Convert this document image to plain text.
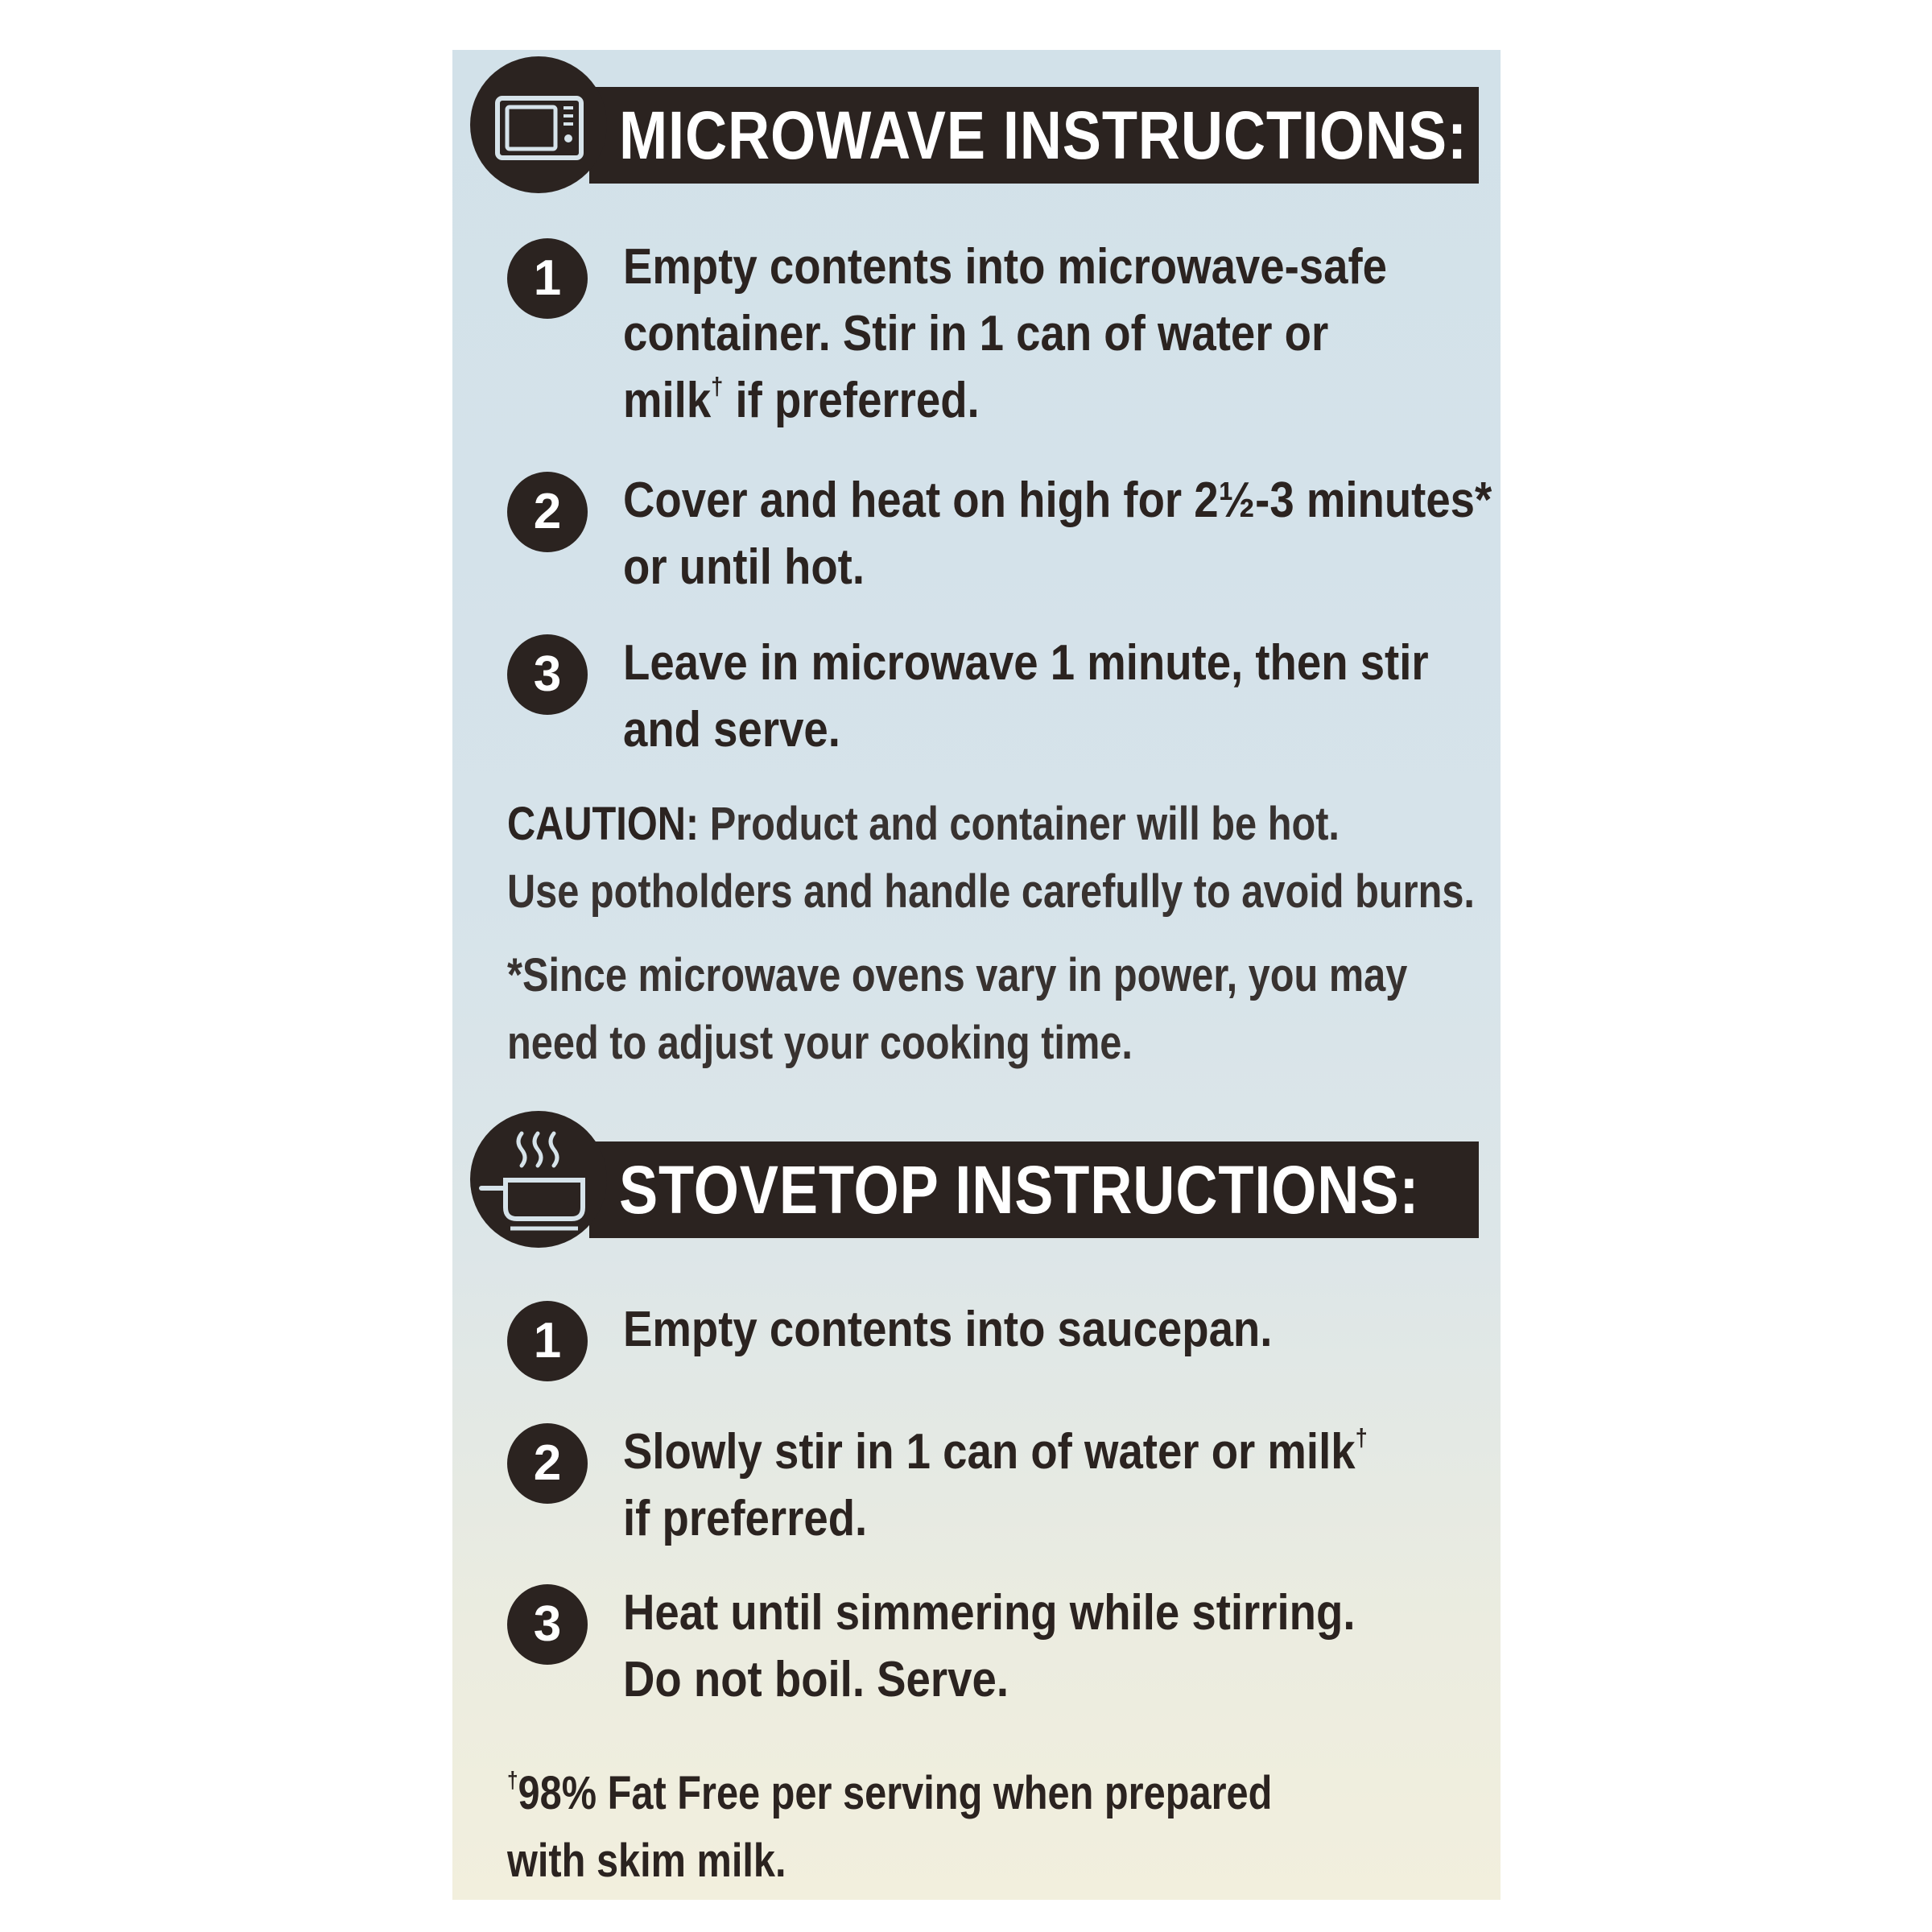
MICROWAVE INSTRUCTIONS:
1	Empty contents into microwave-safe
container. Stir in 1 can of water or
milk† if preferred.
2	Cover and heat on high for 2½-3 minutes*
or until hot.
3	Leave in microwave 1 minute, then stir
and serve.
CAUTION: Product and container will be hot.
Use potholders and handle carefully to avoid burns.
*Since microwave ovens vary in power, you may
need to adjust your cooking time.
STOVETOP INSTRUCTIONS:
1	Empty contents into saucepan.
2	Slowly stir in 1 can of water or milk†
if preferred.
3	Heat until simmering while stirring.
Do not boil. Serve.
†98% Fat Free per serving when prepared
with skim milk.
